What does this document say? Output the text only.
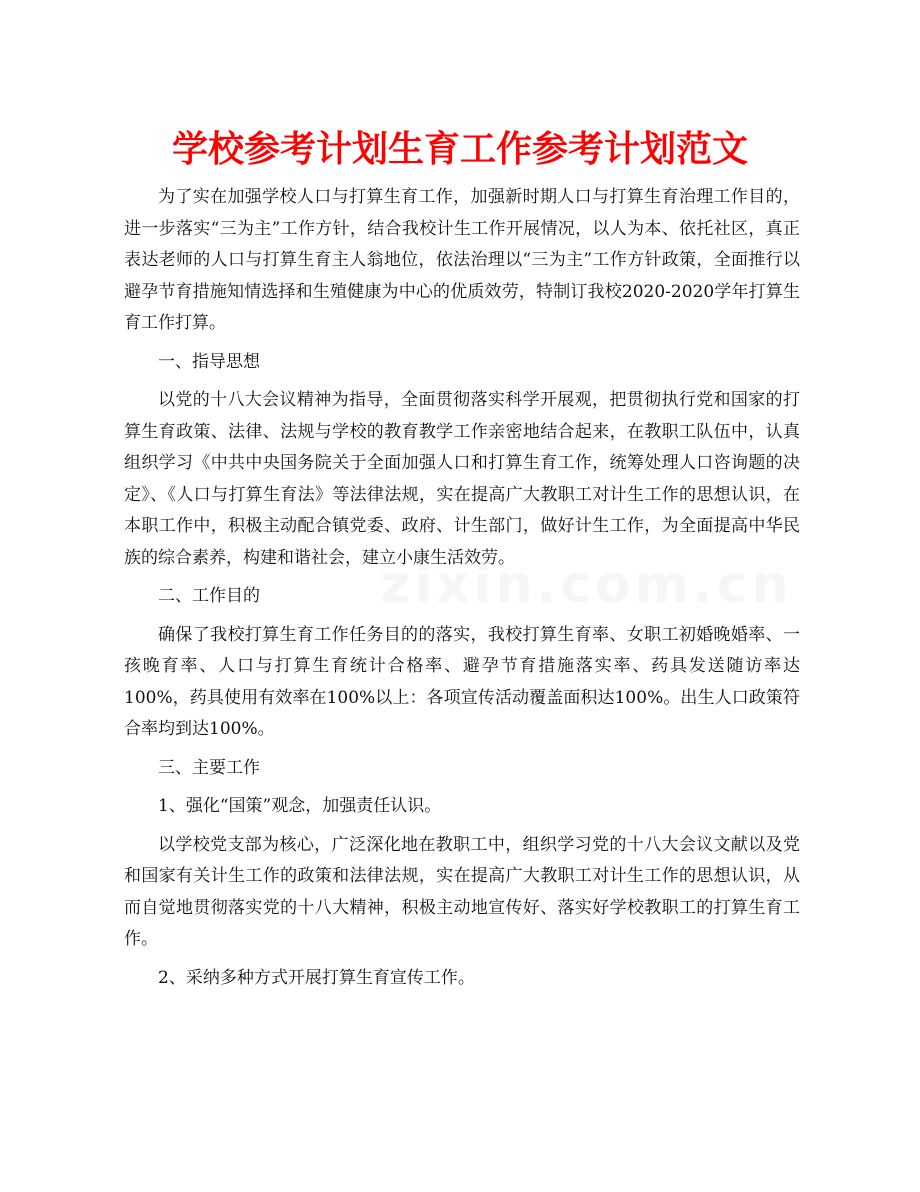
学校参考计划生育工作参考计划范文
zixin.com.cn

为了实在加强学校人口与打算生育工作，加强新时期人口与打算生育治理工作目的，进一步落实“三为主”工作方针，结合我校计生工作开展情况，以人为本、依托社区，真正表达老师的人口与打算生育主人翁地位，依法治理以“三为主”工作方针政策，全面推行以避孕节育措施知情选择和生殖健康为中心的优质效劳，特制订我校2020-2020学年打算生育工作打算。

一、指导思想

以党的十八大会议精神为指导，全面贯彻落实科学开展观，把贯彻执行党和国家的打算生育政策、法律、法规与学校的教育教学工作亲密地结合起来，在教职工队伍中，认真组织学习《中共中央国务院关于全面加强人口和打算生育工作，统筹处理人口咨询题的决定》、《人口与打算生育法》等法律法规，实在提高广大教职工对计生工作的思想认识，在本职工作中，积极主动配合镇党委、政府、计生部门，做好计生工作，为全面提高中华民族的综合素养，构建和谐社会，建立小康生活效劳。

二、工作目的

确保了我校打算生育工作任务目的的落实，我校打算生育率、女职工初婚晚婚率、一孩晚育率、人口与打算生育统计合格率、避孕节育措施落实率、药具发送随访率达100%，药具使用有效率在100%以上：各项宣传活动覆盖面积达100%。出生人口政策符合率均到达100%。

三、主要工作

1、强化“国策”观念，加强责任认识。

以学校党支部为核心，广泛深化地在教职工中，组织学习党的十八大会议文献以及党和国家有关计生工作的政策和法律法规，实在提高广大教职工对计生工作的思想认识，从而自觉地贯彻落实党的十八大精神，积极主动地宣传好、落实好学校教职工的打算生育工作。

2、采纳多种方式开展打算生育宣传工作。
